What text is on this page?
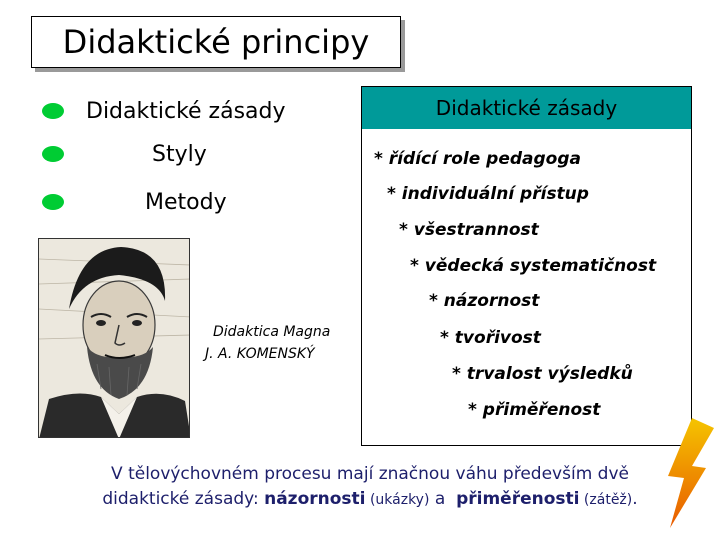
Didaktické principy
Didaktické zásady
Styly
Metody
Didaktické zásady
* řídící role pedagoga
* individuální přístup
* všestrannost
* vědecká systematičnost
* názornost
* tvořivost
* trvalost výsledků
* přiměřenost
Didaktica Magna
J. A. KOMENSKÝ
V tělovýchovném procesu mají značnou váhu především dvě
didaktické zásady: názornosti (ukázky) a  přiměřenosti (zátěž).
